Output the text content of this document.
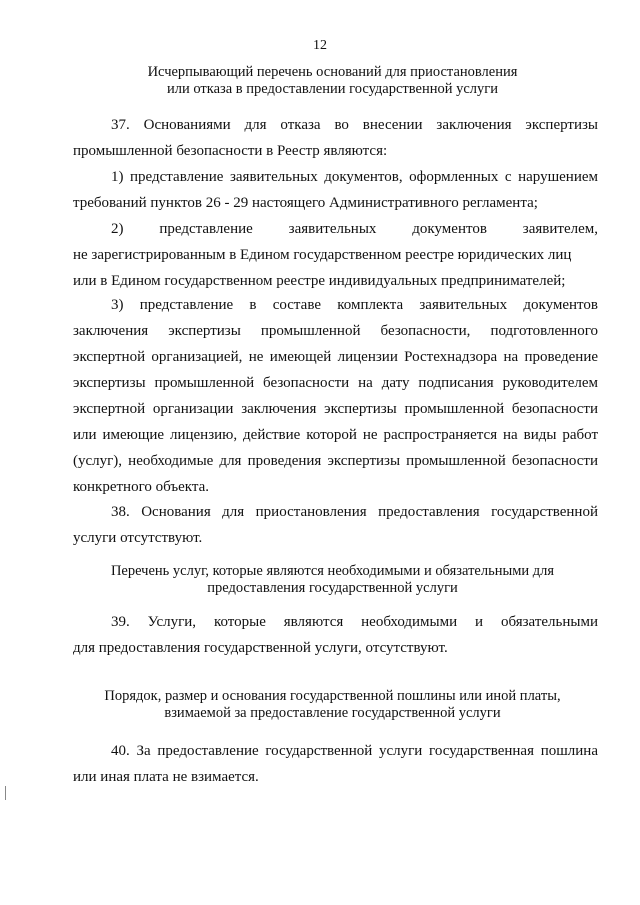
12
Исчерпывающий перечень оснований для приостановления
или отказа в предоставлении государственной услуги
37. Основаниями для отказа во внесении заключения экспертизы
промышленной безопасности в Реестр являются:
1) представление заявительных документов, оформленных с нарушением
требований пунктов 26 - 29 настоящего Административного регламента;
2) представление заявительных документов заявителем,
не зарегистрированным в Едином государственном реестре юридических лиц
или в Едином государственном реестре индивидуальных предпринимателей;
3) представление в составе комплекта заявительных документов
заключения экспертизы промышленной безопасности, подготовленного
экспертной организацией, не имеющей лицензии Ростехнадзора на проведение
экспертизы промышленной безопасности на дату подписания руководителем
экспертной организации заключения экспертизы промышленной безопасности
или имеющие лицензию, действие которой не распространяется на виды работ
(услуг), необходимые для проведения экспертизы промышленной безопасности
конкретного объекта.
38. Основания для приостановления предоставления государственной
услуги отсутствуют.
Перечень услуг, которые являются необходимыми и обязательными для
предоставления государственной услуги
39. Услуги, которые являются необходимыми и обязательными
для предоставления государственной услуги, отсутствуют.
Порядок, размер и основания государственной пошлины или иной платы,
взимаемой за предоставление государственной услуги
40. За предоставление государственной услуги государственная пошлина
или иная плата не взимается.
